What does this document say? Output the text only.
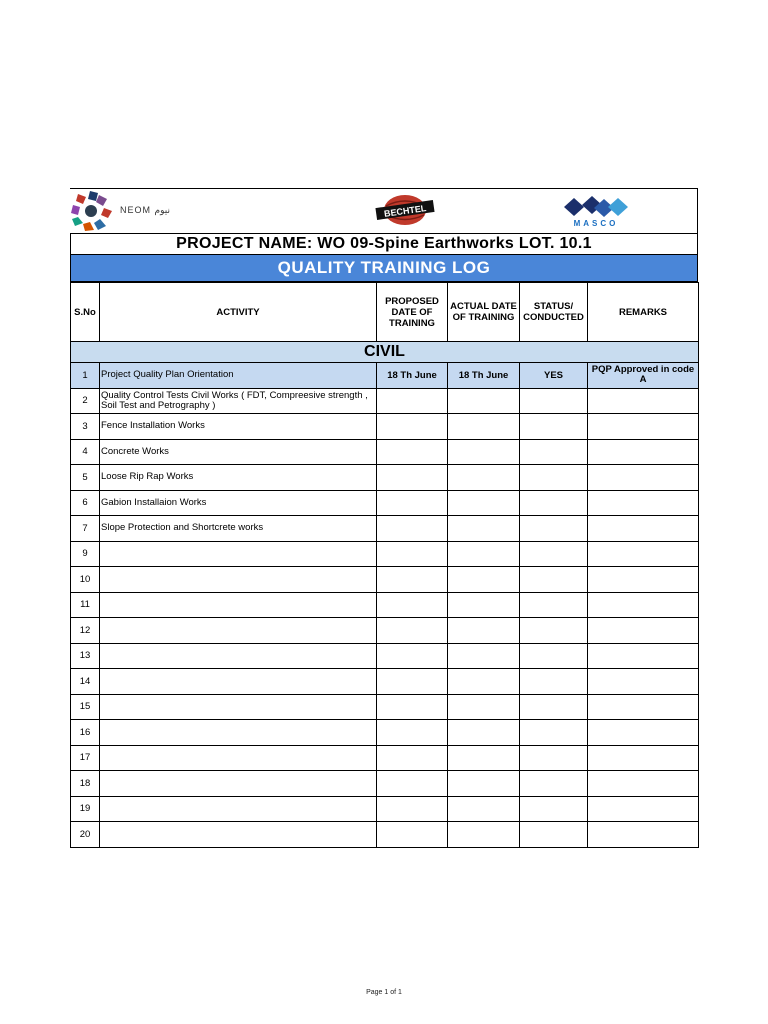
NEOM نيوم	BECHTEL
MASCO
PROJECT NAME: WO 09-Spine Earthworks LOT. 10.1
QUALITY TRAINING LOG
S.No	ACTIVITY	PROPOSED DATE OF TRAINING	ACTUAL DATE OF TRAINING	STATUS/ CONDUCTED	REMARKS
CIVIL					
1	Project Quality Plan Orientation	18 Th June	18 Th June	YES	PQP Approved in code A
2	Quality Control Tests Civil Works ( FDT, Compreesive strength , Soil Test and Petrography )				
3	Fence Installation Works				
4	Concrete Works				
5	Loose Rip Rap Works				
6	Gabion Installaion Works				
7	Slope Protection and Shortcrete works				
9					
10					
11					
12					
13					
14					
15					
16					
17					
18					
19					
20					
Page 1 of 1
